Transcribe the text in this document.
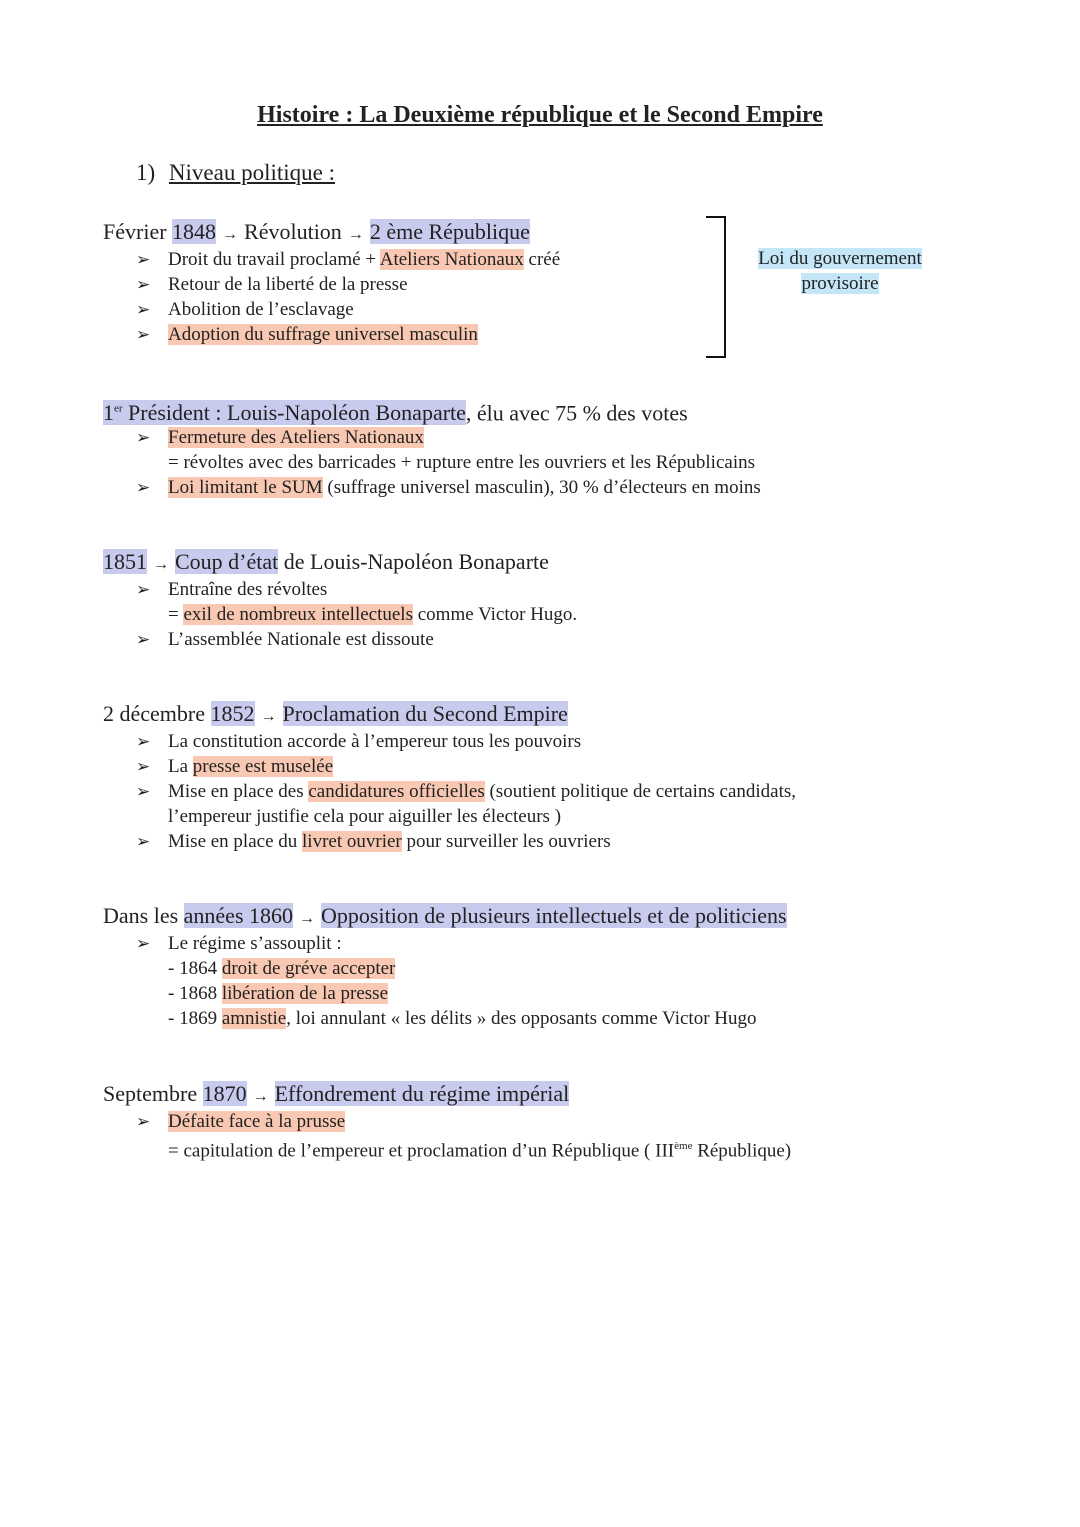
Histoire : La Deuxième république et le Second Empire
1) Niveau politique :
Février 1848 → Révolution → 2 ème République
➢ Droit du travail proclamé + Ateliers Nationaux créé
➢ Retour de la liberté de la presse
➢ Abolition de l’esclavage
➢ Adoption du suffrage universel masculin
Loi du gouvernement
provisoire
1er Président : Louis-Napoléon Bonaparte, élu avec 75 % des votes
➢ Fermeture des Ateliers Nationaux
= révoltes avec des barricades + rupture entre les ouvriers et les Républicains
➢ Loi limitant le SUM (suffrage universel masculin), 30 % d’électeurs en moins
1851 → Coup d’état de Louis-Napoléon Bonaparte
➢ Entraîne des révoltes
= exil de nombreux intellectuels comme Victor Hugo.
➢ L’assemblée Nationale est dissoute
2 décembre 1852 → Proclamation du Second Empire
➢ La constitution accorde à l’empereur tous les pouvoirs
➢ La presse est muselée
➢ Mise en place des candidatures officielles (soutient politique de certains candidats,
l’empereur justifie cela pour aiguiller les électeurs )
➢ Mise en place du livret ouvrier pour surveiller les ouvriers
Dans les années 1860 → Opposition de plusieurs intellectuels et de politiciens
➢ Le régime s’assouplit :
- 1864 droit de gréve accepter
- 1868 libération de la presse
- 1869 amnistie, loi annulant « les délits » des opposants comme Victor Hugo
Septembre 1870 → Effondrement du régime impérial
➢ Défaite face à la prusse
= capitulation de l’empereur et proclamation d’un République ( IIIème République)
